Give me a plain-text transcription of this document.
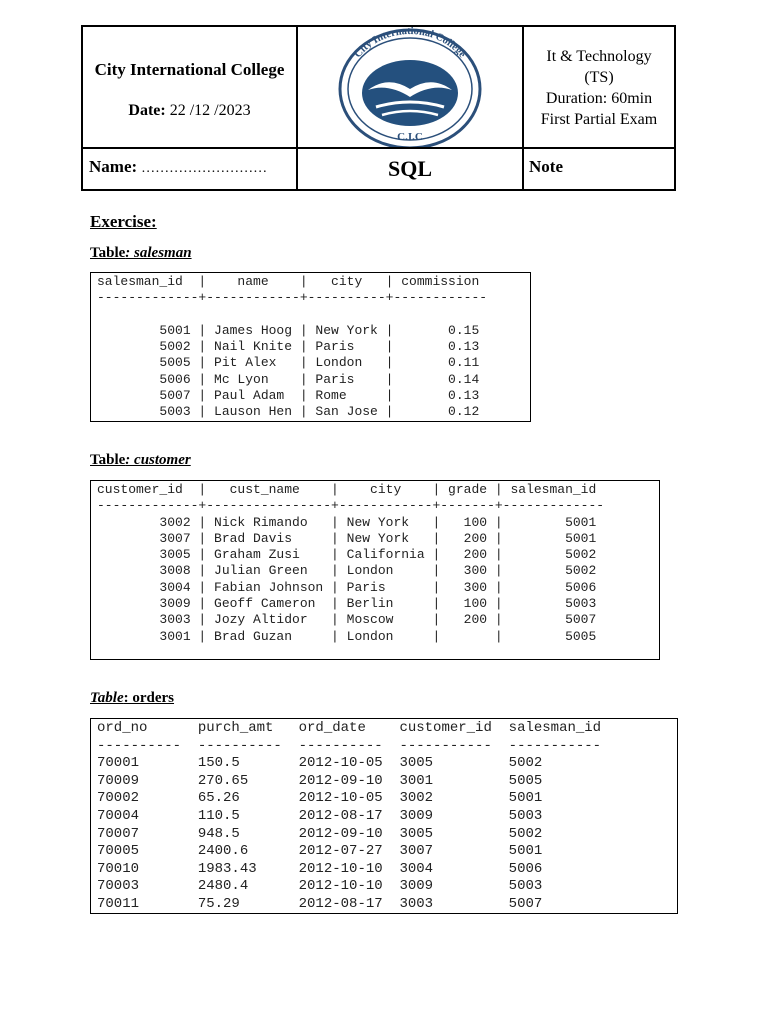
City International College
Date: 22 /12 /2023
City International College
C.I.C
It & Technology
(TS)
Duration: 60min
First Partial Exam
Name: ………………………	SQL	Note
Exercise:
Table: salesman
salesman_id  |    name    |   city   | commission
-------------+------------+----------+------------

5001 | James Hoog | New York |       0.15
5002 | Nail Knite | Paris    |       0.13
5005 | Pit Alex   | London   |       0.11
5006 | Mc Lyon    | Paris    |       0.14
5007 | Paul Adam  | Rome     |       0.13
5003 | Lauson Hen | San Jose |       0.12
Table: customer
customer_id  |   cust_name    |    city    | grade | salesman_id
-------------+----------------+------------+-------+-------------
3002 | Nick Rimando   | New York   |   100 |        5001
3007 | Brad Davis     | New York   |   200 |        5001
3005 | Graham Zusi    | California |   200 |        5002
3008 | Julian Green   | London     |   300 |        5002
3004 | Fabian Johnson | Paris      |   300 |        5006
3009 | Geoff Cameron  | Berlin     |   100 |        5003
3003 | Jozy Altidor   | Moscow     |   200 |        5007
3001 | Brad Guzan     | London     |       |        5005
Table: orders
ord_no      purch_amt   ord_date    customer_id  salesman_id
----------  ----------  ----------  -----------  -----------
70001       150.5       2012-10-05  3005         5002
70009       270.65      2012-09-10  3001         5005
70002       65.26       2012-10-05  3002         5001
70004       110.5       2012-08-17  3009         5003
70007       948.5       2012-09-10  3005         5002
70005       2400.6      2012-07-27  3007         5001
70010       1983.43     2012-10-10  3004         5006
70003       2480.4      2012-10-10  3009         5003
70011       75.29       2012-08-17  3003         5007
